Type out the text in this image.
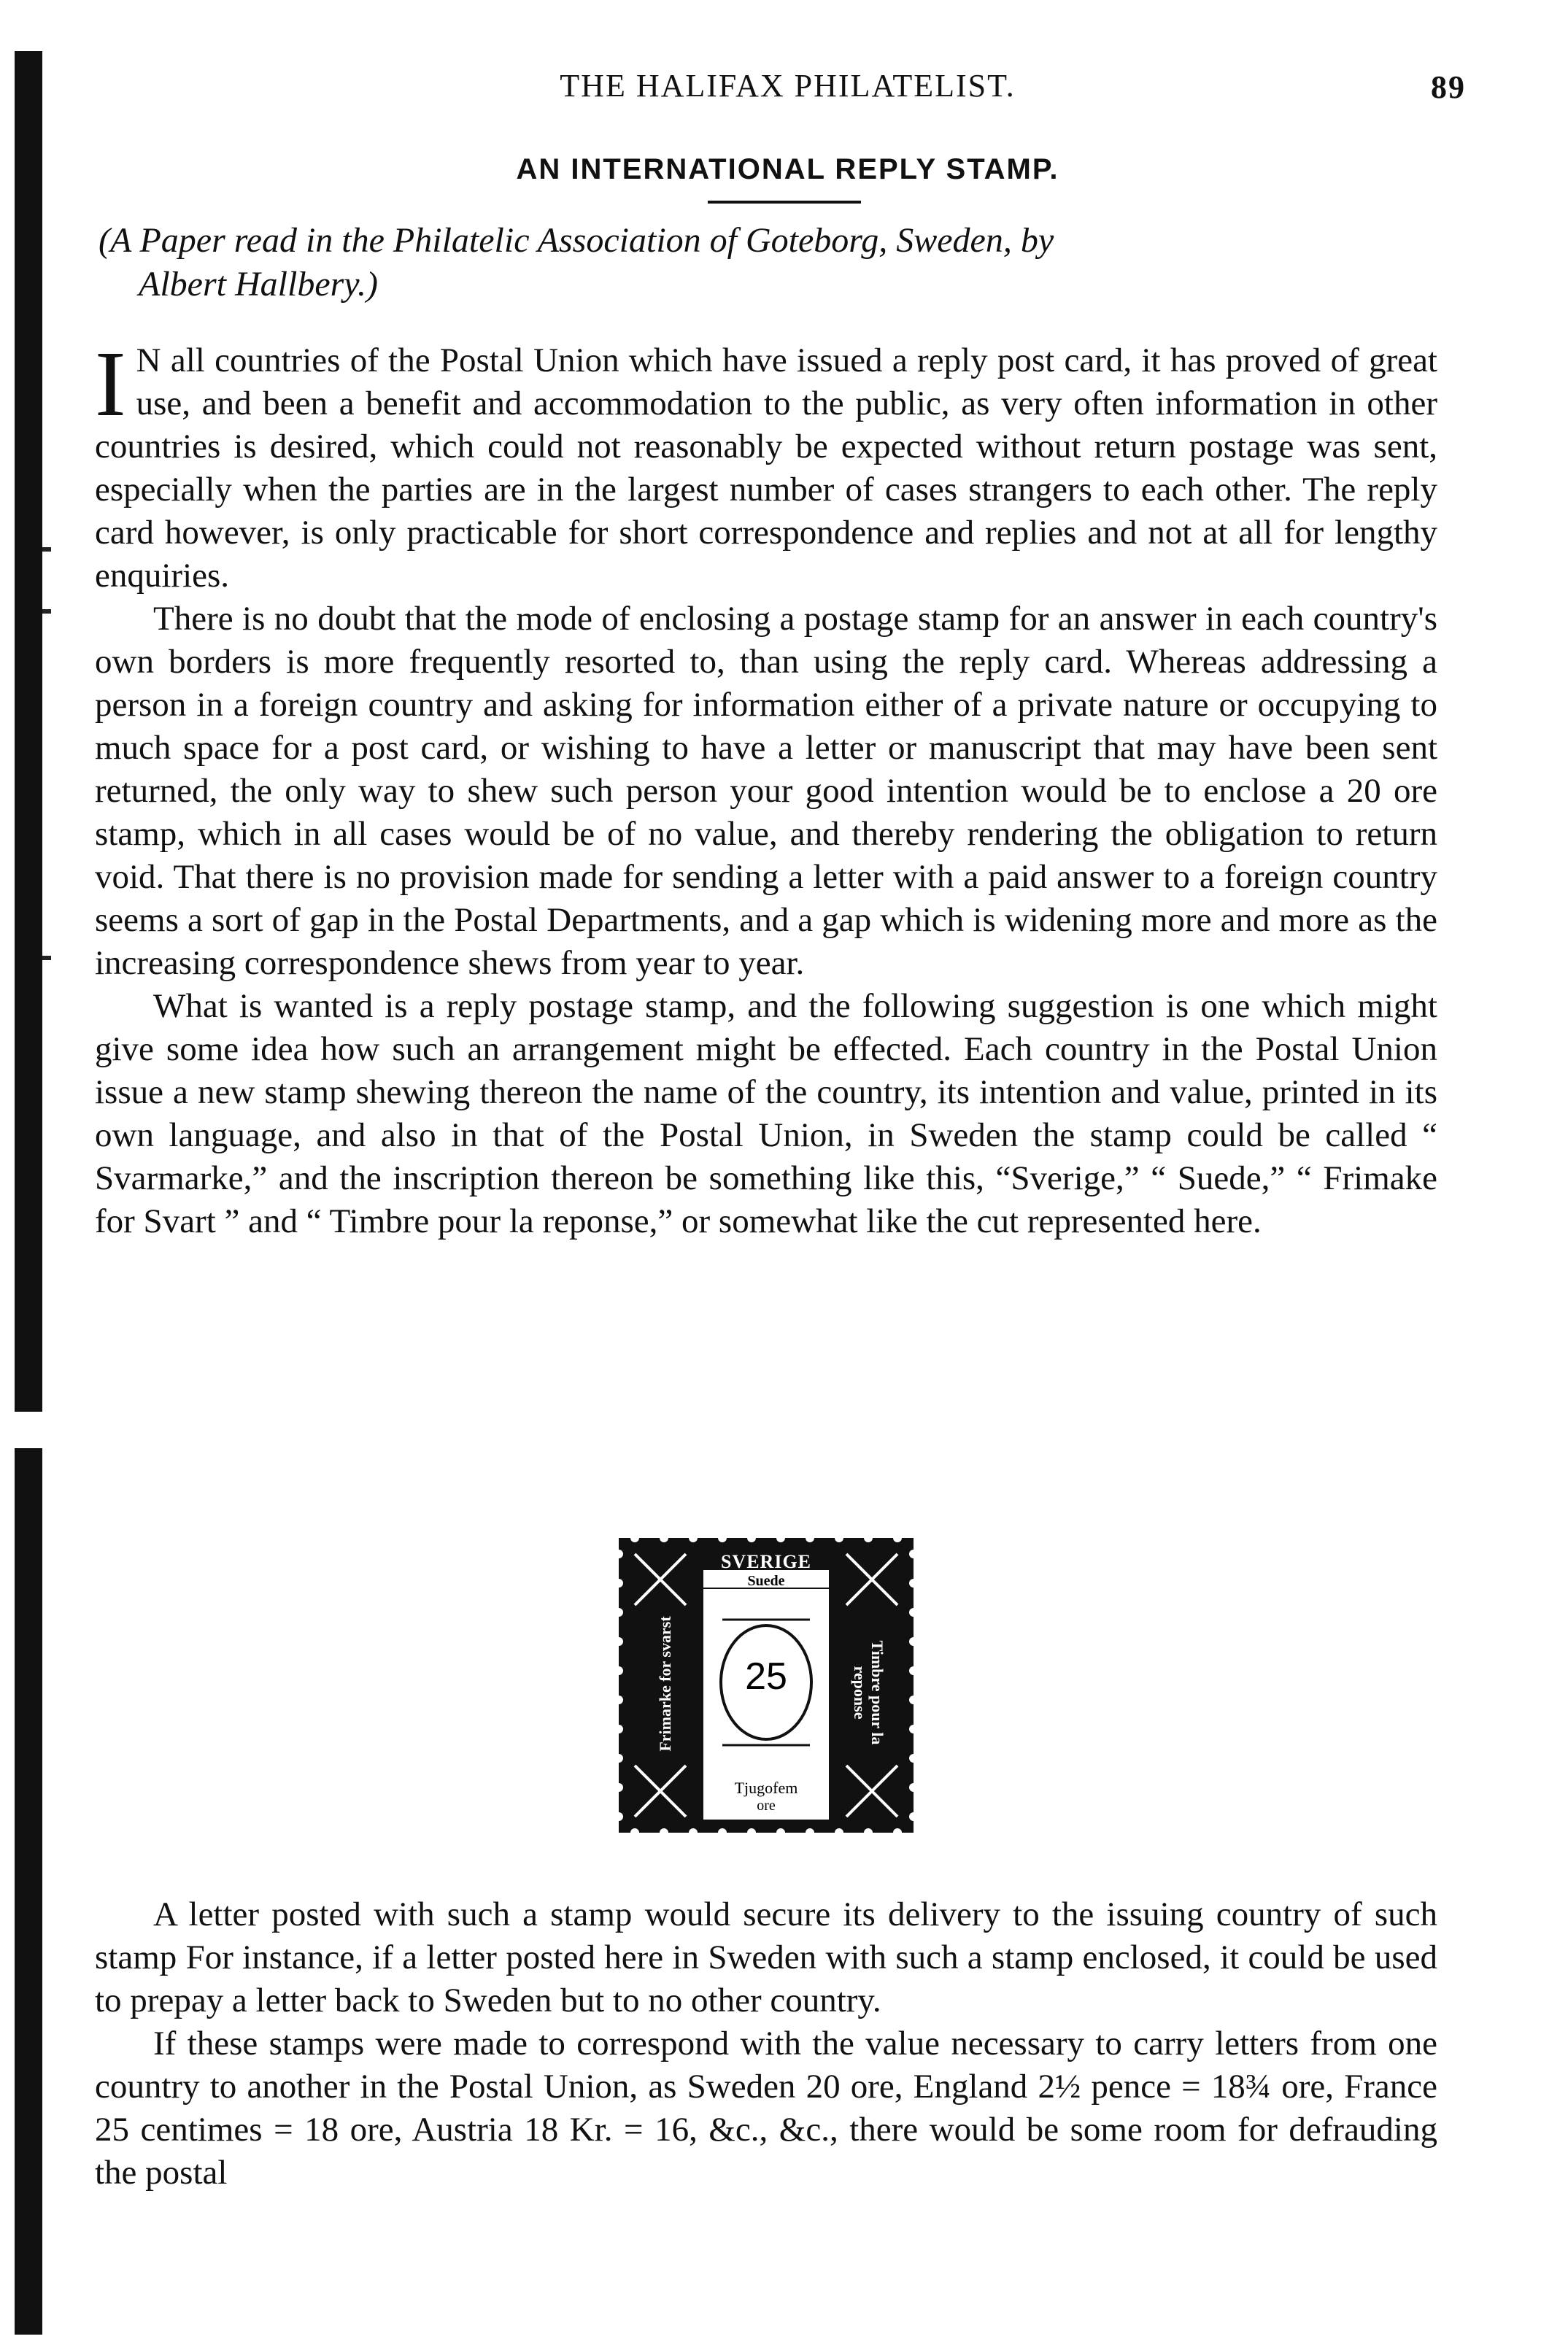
THE HALIFAX PHILATELIST.	89
AN INTERNATIONAL REPLY STAMP.

(A Paper read in the Philatelic Association of Goteborg, Sweden, by
Albert Hallbery.)

I N all countries of the Postal Union which have issued a reply post card, it has proved of great use, and been a benefit and accommodation to the public, as very often information in other countries is desired, which could not reasonably be expected without return postage was sent, especially when the parties are in the largest number of cases strangers to each other. The reply card however, is only practicable for short correspondence and replies and not at all for lengthy enquiries.

There is no doubt that the mode of enclosing a postage stamp for an answer in each country's own borders is more frequently resorted to, than using the reply card. Whereas addressing a person in a foreign country and asking for information either of a private nature or occupying to much space for a post card, or wishing to have a letter or manuscript that may have been sent returned, the only way to shew such person your good intention would be to enclose a 20 ore stamp, which in all cases would be of no value, and thereby rendering the obligation to return void. That there is no provision made for sending a letter with a paid answer to a foreign country seems a sort of gap in the Postal Departments, and a gap which is widening more and more as the increasing correspondence shews from year to year.

What is wanted is a reply postage stamp, and the following suggestion is one which might give some idea how such an arrangement might be effected. Each country in the Postal Union issue a new stamp shewing thereon the name of the country, its intention and value, printed in its own language, and also in that of the Postal Union, in Sweden the stamp could be called “ Svarmarke,” and the inscription thereon be something like this, “Sverige,” “ Suede,” “ Frimake for Svart ” and “ Timbre pour la reponse,” or somewhat like the cut represented here.

SVERIGE
Suede
25
Tjugofem
ore
Frimarke for svarst	Timbre pour la reponse

A letter posted with such a stamp would secure its delivery to the issuing country of such stamp For instance, if a letter posted here in Sweden with such a stamp enclosed, it could be used to prepay a letter back to Sweden but to no other country.

If these stamps were made to correspond with the value necessary to carry letters from one country to another in the Postal Union, as Sweden 20 ore, England 2½ pence = 18¾ ore, France 25 centimes = 18 ore, Austria 18 Kr. = 16, &c., &c., there would be some room for defrauding the postal
